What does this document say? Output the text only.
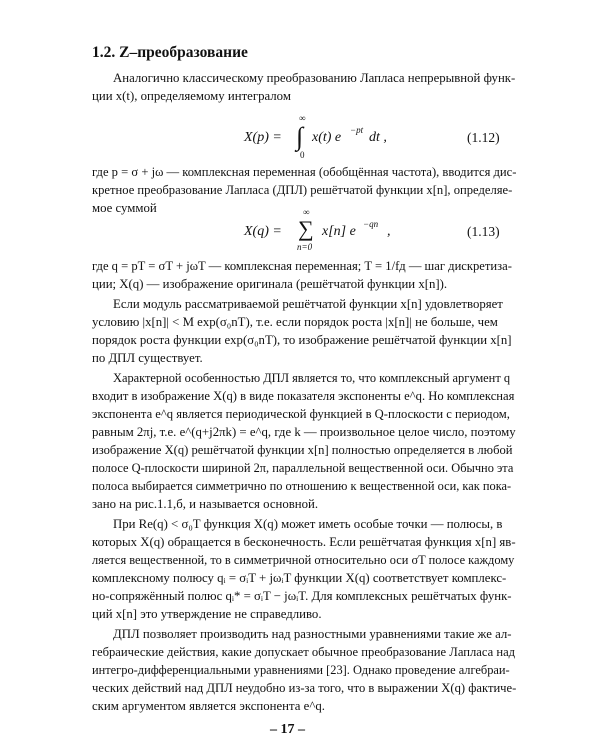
1.2. Z–преобразование
Аналогично классическому преобразованию Лапласа непрерывной функ-
ции x(t), определяемому интегралом
X(p) =
∞
∫
0
x(t) e −pt dt ,	(1.12)
где p = σ + jω — комплексная переменная (обобщённая частота), вводится дис-
кретное преобразование Лапласа (ДПЛ) решётчатой функции x[n], определяе-
мое суммой
X(q) =
∞
∑
n=0
x[n] e −qn ,	(1.13)
где q = pT = σT + jωT — комплексная переменная; T = 1/fд — шаг дискретиза-
ции; X(q) — изображение оригинала (решётчатой функции x[n]).
Если модуль рассматриваемой решётчатой функции x[n] удовлетворяет
условию |x[n]| < M exp(σ₀nT), т.е. если порядок роста |x[n]| не больше, чем
порядок роста функции exp(σ₀nT), то изображение решётчатой функции x[n]
по ДПЛ существует.
Характерной особенностью ДПЛ является то, что комплексный аргумент q
входит в изображение X(q) в виде показателя экспоненты e^q. Но комплексная
экспонента e^q является периодической функцией в Q-плоскости с периодом,
равным 2πj, т.е. e^(q+j2πk) = e^q, где k — произвольное целое число, поэтому
изображение X(q) решётчатой функции x[n] полностью определяется в любой
полосе Q-плоскости шириной 2π, параллельной вещественной оси. Обычно эта
полоса выбирается симметрично по отношению к вещественной оси, как пока-
зано на рис.1.1,б, и называется основной.
При Re(q) < σ₀T функция X(q) может иметь особые точки — полюсы, в
которых X(q) обращается в бесконечность. Если решётчатая функция x[n] яв-
ляется вещественной, то в симметричной относительно оси σT полосе каждому
комплексному полюсу qᵢ = σᵢT + jωᵢT функции X(q) соответствует комплекс-
но-сопряжённый полюс qᵢ* = σᵢT − jωᵢT. Для комплексных решётчатых функ-
ций x[n] это утверждение не справедливо.
ДПЛ позволяет производить над разностными уравнениями такие же ал-
гебраические действия, какие допускает обычное преобразование Лапласа над
интегро-дифференциальными уравнениями [23]. Однако проведение алгебраи-
ческих действий над ДПЛ неудобно из-за того, что в выражении X(q) фактиче-
ским аргументом является экспонента e^q.
– 17 –
